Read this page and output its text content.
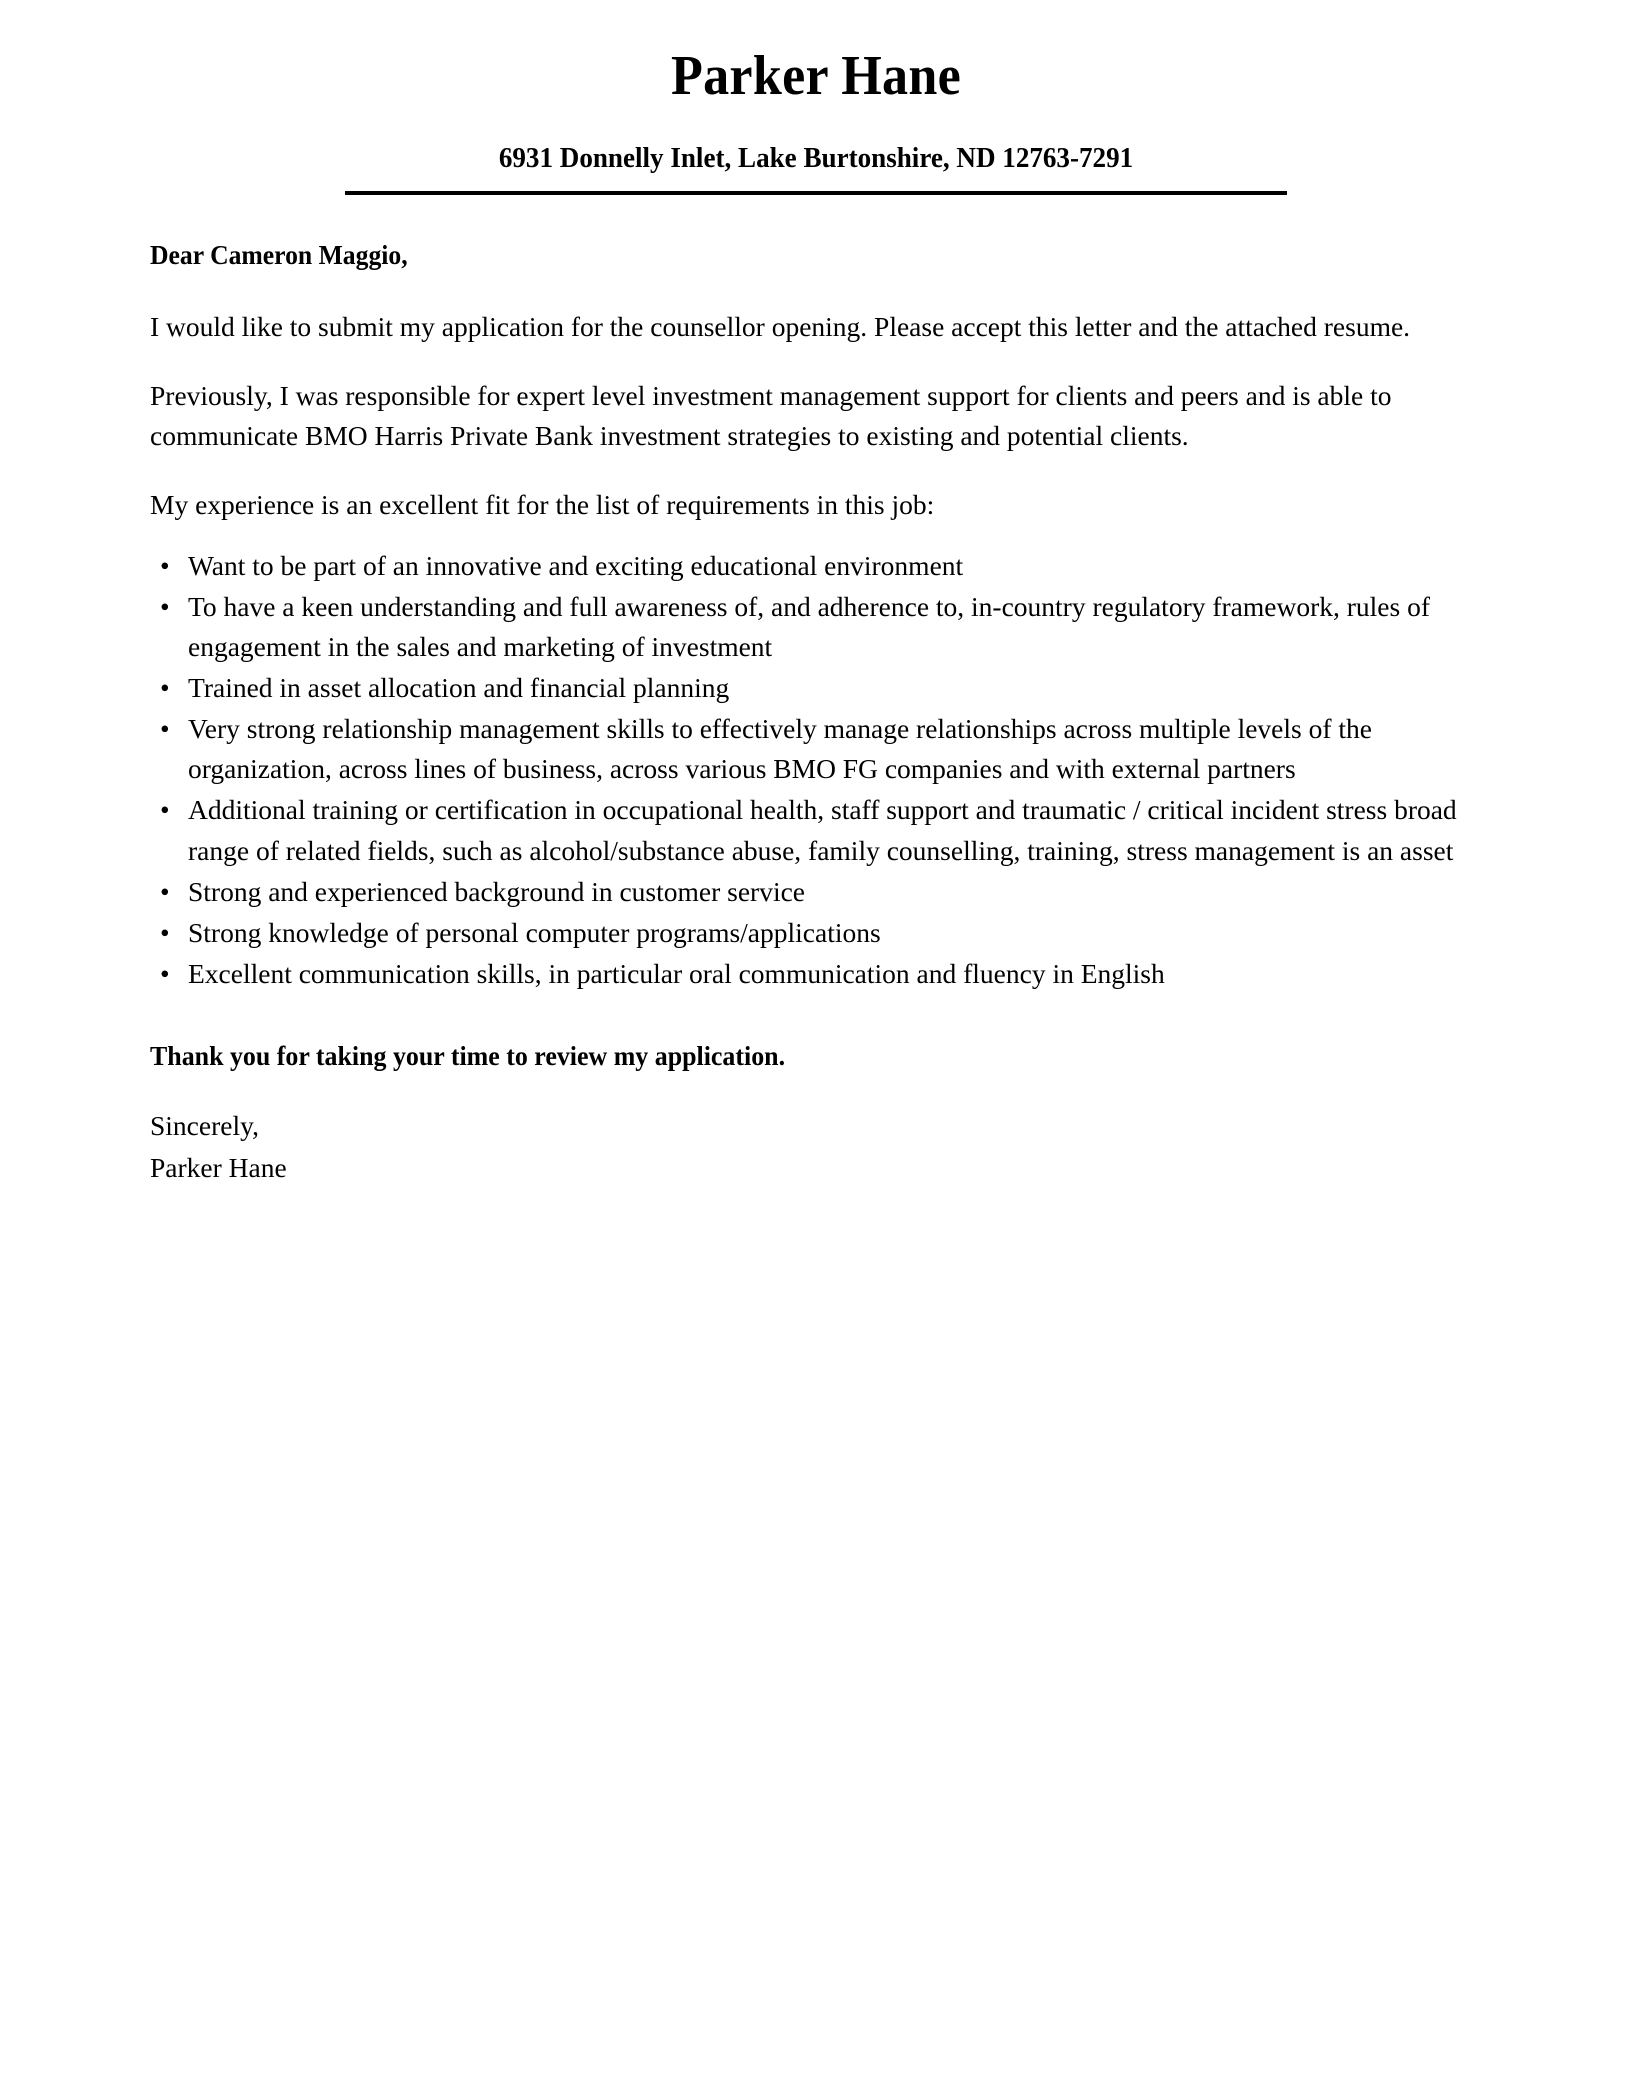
Parker Hane
6931 Donnelly Inlet, Lake Burtonshire, ND 12763-7291

Dear Cameron Maggio,

I would like to submit my application for the counsellor opening. Please accept this letter and the attached resume.

Previously, I was responsible for expert level investment management support for clients and peers and is able to communicate BMO Harris Private Bank investment strategies to existing and potential clients.

My experience is an excellent fit for the list of requirements in this job:

• Want to be part of an innovative and exciting educational environment
• To have a keen understanding and full awareness of, and adherence to, in-country regulatory framework, rules of engagement in the sales and marketing of investment
• Trained in asset allocation and financial planning
• Very strong relationship management skills to effectively manage relationships across multiple levels of the organization, across lines of business, across various BMO FG companies and with external partners
• Additional training or certification in occupational health, staff support and traumatic / critical incident stress broad range of related fields, such as alcohol/substance abuse, family counselling, training, stress management is an asset
• Strong and experienced background in customer service
• Strong knowledge of personal computer programs/applications
• Excellent communication skills, in particular oral communication and fluency in English

Thank you for taking your time to review my application.

Sincerely,

Parker Hane
